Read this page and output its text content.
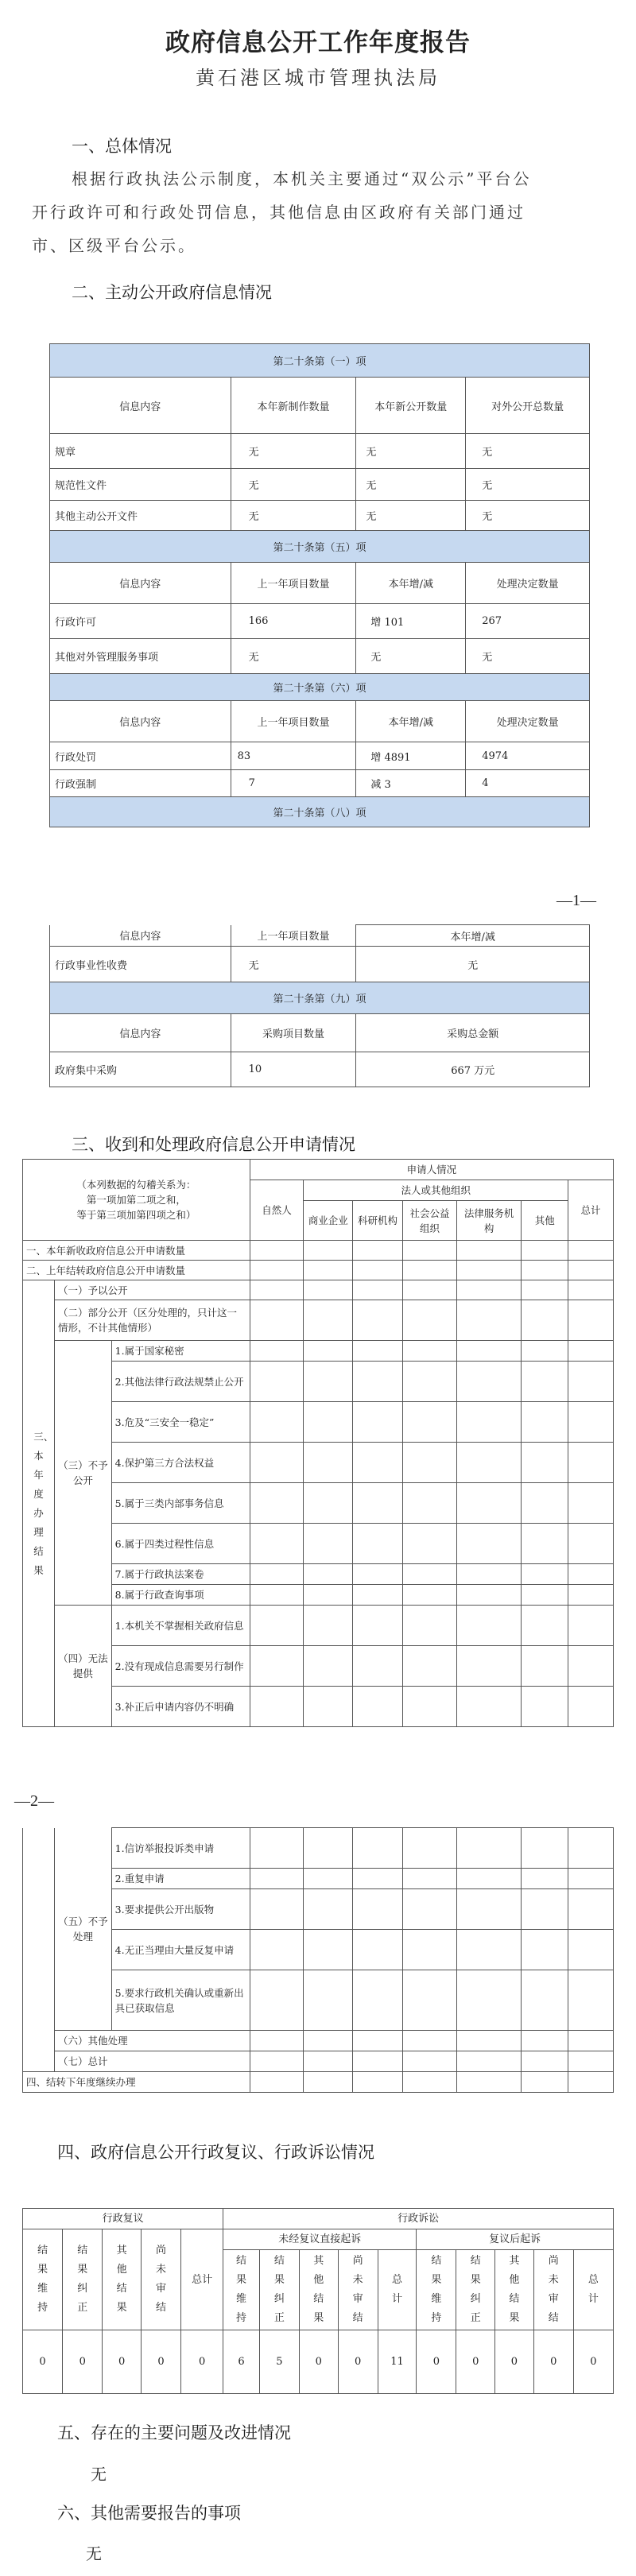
政府信息公开工作年度报告
黄石港区城市管理执法局
一、总体情况
根据行政执法公示制度，本机关主要通过“双公示”平台公
开行政许可和行政处罚信息，其他信息由区政府有关部门通过
市、区级平台公示。
二、主动公开政府信息情况
第二十条第（一）项			
信息内容	本年新制作数量	本年新公开数量	对外公开总数量
规章	无	无	无
规范性文件	无	无	无
其他主动公开文件	无	无	无
第二十条第（五）项			
信息内容	上一年项目数量	本年增/减	处理决定数量
行政许可	166	增 101	267
其他对外管理服务事项	无	无	无
第二十条第（六）项			
信息内容	上一年项目数量	本年增/减	处理决定数量
行政处罚	83	增 4891	4974
行政强制	7	减 3	4
第二十条第（八）项			
—1—
信息内容	上一年项目数量	本年增/减
行政事业性收费	无	无
第二十条第（九）项		
信息内容	采购项目数量	采购总金额
政府集中采购	10	667 万元
三、收到和处理政府信息公开申请情况
（本列数据的勾稽关系为：
第一项加第二项之和，
等于第三项加第四项之和）			申请人情况						
			自然人	法人或其他组织					总计
				商业企业	科研机构	社会公益组织	法律服务机构	其他	
一、本年新收政府信息公开申请数量									
二、上年结转政府信息公开申请数量									
三、本年度办理结果	（一）予以公开								
	（二）部分公开（区分处理的，只计这一情形，不计其他情形）								
	（三）不予公开	1.属于国家秘密							
		2.其他法律行政法规禁止公开							
		3.危及“三安全一稳定”							
		4.保护第三方合法权益							
		5.属于三类内部事务信息							
		6.属于四类过程性信息							
		7.属于行政执法案卷							
		8.属于行政查询事项							
	（四）无法提供	1.本机关不掌握相关政府信息							
		2.没有现成信息需要另行制作							
		3.补正后申请内容仍不明确							
—2—
	（五）不予处理	1.信访举报投诉类申请							
		2.重复申请							
		3.要求提供公开出版物							
		4.无正当理由大量反复申请							
		5.要求行政机关确认或重新出具已获取信息							
	（六）其他处理								
	（七）总计								
四、结转下年度继续办理									
四、政府信息公开行政复议、行政诉讼情况
行政复议					行政诉讼									
结果维持	结果纠正	其他结果	尚未审结	总计	未经复议直接起诉					复议后起诉				
					结果维持	结果纠正	其他结果	尚未审结	总计	结果维持	结果纠正	其他结果	尚未审结	总计
0	0	0	0	0	6	5	0	0	11	0	0	0	0	0
五、存在的主要问题及改进情况
无
六、其他需要报告的事项
无
